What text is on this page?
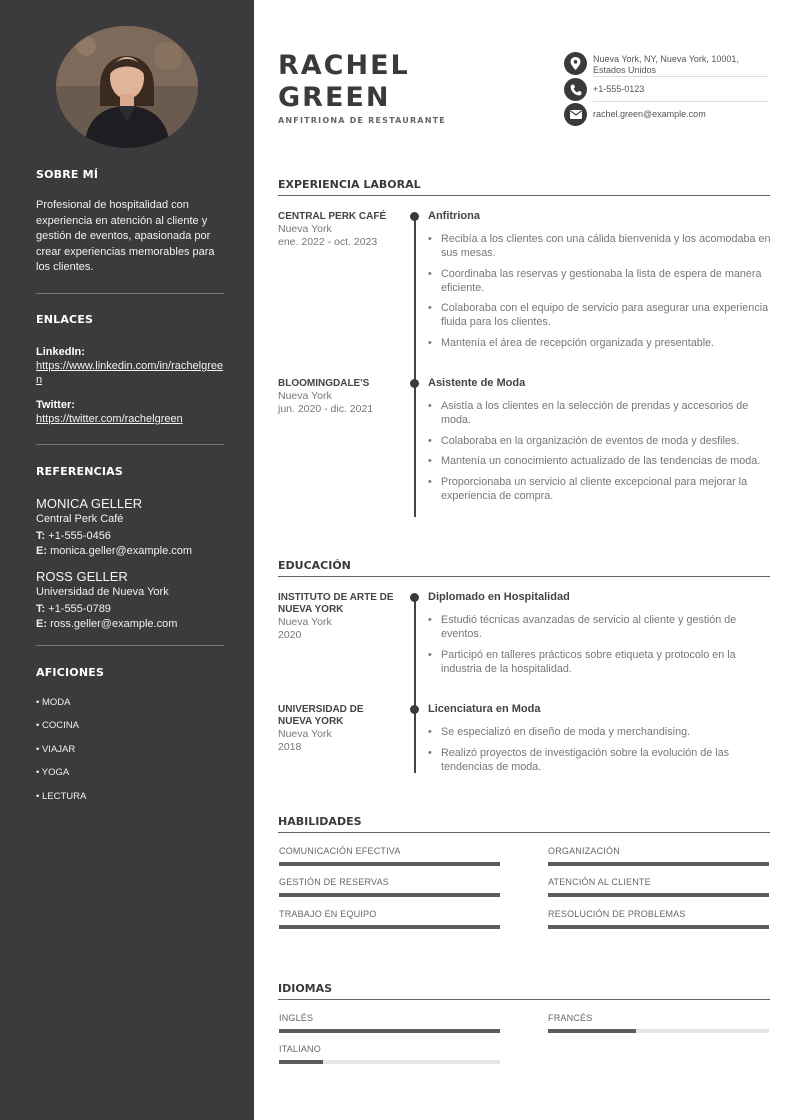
SOBRE MÍ
Profesional de hospitalidad con experiencia en atención al cliente y gestión de eventos, apasionada por crear experiencias memorables para los clientes.
ENLACES
LinkedIn:
https://www.linkedin.com/in/rachelgreen
Twitter:
https://twitter.com/rachelgreen
REFERENCIAS
MONICA GELLER
Central Perk Café
T: +1-555-0456
E: monica.geller@example.com
ROSS GELLER
Universidad de Nueva York
T: +1-555-0789
E: ross.geller@example.com
AFICIONES
• MODA
• COCINA
• VIAJAR
• YOGA
• LECTURA
RACHEL
GREEN
ANFITRIONA DE RESTAURANTE
Nueva York, NY, Nueva York, 10001, Estados Unidos
+1-555-0123
rachel.green@example.com
EXPERIENCIA LABORAL
CENTRAL PERK CAFÉ
Nueva York
ene. 2022 - oct. 2023
Anfitriona
• Recibía a los clientes con una cálida bienvenida y los acomodaba en sus mesas.
• Coordinaba las reservas y gestionaba la lista de espera de manera eficiente.
• Colaboraba con el equipo de servicio para asegurar una experiencia fluida para los clientes.
• Mantenía el área de recepción organizada y presentable.
BLOOMINGDALE'S
Nueva York
jun. 2020 - dic. 2021
Asistente de Moda
• Asistía a los clientes en la selección de prendas y accesorios de moda.
• Colaboraba en la organización de eventos de moda y desfiles.
• Mantenía un conocimiento actualizado de las tendencias de moda.
• Proporcionaba un servicio al cliente excepcional para mejorar la experiencia de compra.
EDUCACIÓN
INSTITUTO DE ARTE DE NUEVA YORK
Nueva York
2020
Diplomado en Hospitalidad
• Estudió técnicas avanzadas de servicio al cliente y gestión de eventos.
• Participó en talleres prácticos sobre etiqueta y protocolo en la industria de la hospitalidad.
UNIVERSIDAD DE NUEVA YORK
Nueva York
2018
Licenciatura en Moda
• Se especializó en diseño de moda y merchandising.
• Realizó proyectos de investigación sobre la evolución de las tendencias de moda.
HABILIDADES
COMUNICACIÓN EFECTIVA	ORGANIZACIÓN
GESTIÓN DE RESERVAS	ATENCIÓN AL CLIENTE
TRABAJO EN EQUIPO	RESOLUCIÓN DE PROBLEMAS
IDIOMAS
INGLÉS	FRANCÉS
ITALIANO
